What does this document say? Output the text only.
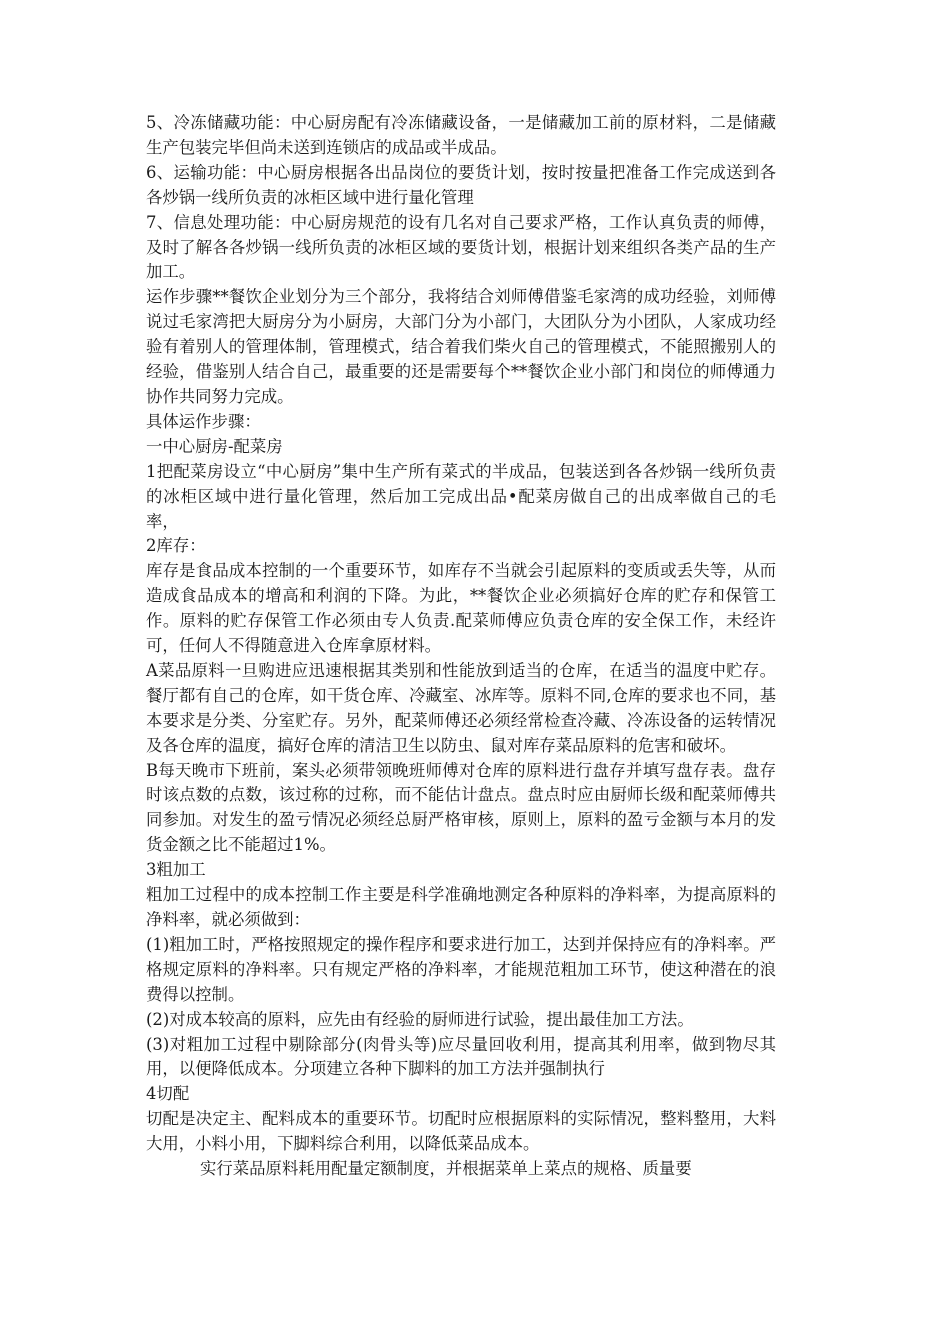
5、冷冻储藏功能：中心厨房配有冷冻储藏设备，一是储藏加工前的原材料，二是储藏生产包装完毕但尚未送到连锁店的成品或半成品。

6、运输功能：中心厨房根据各出品岗位的要货计划，按时按量把准备工作完成送到各各炒锅一线所负责的冰柜区域中进行量化管理

7、信息处理功能：中心厨房规范的设有几名对自己要求严格，工作认真负责的师傅，及时了解各各炒锅一线所负责的冰柜区域的要货计划，根据计划来组织各类产品的生产加工。

运作步骤**餐饮企业划分为三个部分，我将结合刘师傅借鉴毛家湾的成功经验，刘师傅说过毛家湾把大厨房分为小厨房，大部门分为小部门，大团队分为小团队，人家成功经验有着别人的管理体制，管理模式，结合着我们柴火自己的管理模式，不能照搬别人的经验，借鉴别人结合自己，最重要的还是需要每个**餐饮企业小部门和岗位的师傅通力协作共同努力完成。

具体运作步骤：

一中心厨房-配菜房

1把配菜房设立“中心厨房”集中生产所有菜式的半成品，包装送到各各炒锅一线所负责的冰柜区域中进行量化管理，然后加工完成出品•配菜房做自己的出成率做自己的毛率，

2库存：

库存是食品成本控制的一个重要环节，如库存不当就会引起原料的变质或丢失等，从而造成食品成本的增高和利润的下降。为此，**餐饮企业必须搞好仓库的贮存和保管工作。原料的贮存保管工作必须由专人负责.配菜师傅应负责仓库的安全保工作，未经许可，任何人不得随意进入仓库拿原材料。

A菜品原料一旦购进应迅速根据其类别和性能放到适当的仓库，在适当的温度中贮存。餐厅都有自己的仓库，如干货仓库、冷藏室、冰库等。原料不同,仓库的要求也不同，基本要求是分类、分室贮存。另外，配菜师傅还必须经常检查冷藏、冷冻设备的运转情况及各仓库的温度，搞好仓库的清洁卫生以防虫、鼠对库存菜品原料的危害和破坏。

B每天晚市下班前，案头必须带领晚班师傅对仓库的原料进行盘存并填写盘存表。盘存时该点数的点数，该过称的过称，而不能估计盘点。盘点时应由厨师长级和配菜师傅共同参加。对发生的盈亏情况必须经总厨严格审核，原则上，原料的盈亏金额与本月的发货金额之比不能超过1%。

3粗加工

粗加工过程中的成本控制工作主要是科学准确地测定各种原料的净料率，为提高原料的净料率，就必须做到：

(1)粗加工时，严格按照规定的操作程序和要求进行加工，达到并保持应有的净料率。严格规定原料的净料率。只有规定严格的净料率，才能规范粗加工环节，使这种潜在的浪费得以控制。

(2)对成本较高的原料，应先由有经验的厨师进行试验，提出最佳加工方法。

(3)对粗加工过程中剔除部分(肉骨头等)应尽量回收利用，提高其利用率，做到物尽其用，以便降低成本。分项建立各种下脚料的加工方法并强制执行

4切配

切配是决定主、配料成本的重要环节。切配时应根据原料的实际情况，整料整用，大料大用，小料小用，下脚料综合利用，以降低菜品成本。

实行菜品原料耗用配量定额制度，并根据菜单上菜点的规格、质量要
